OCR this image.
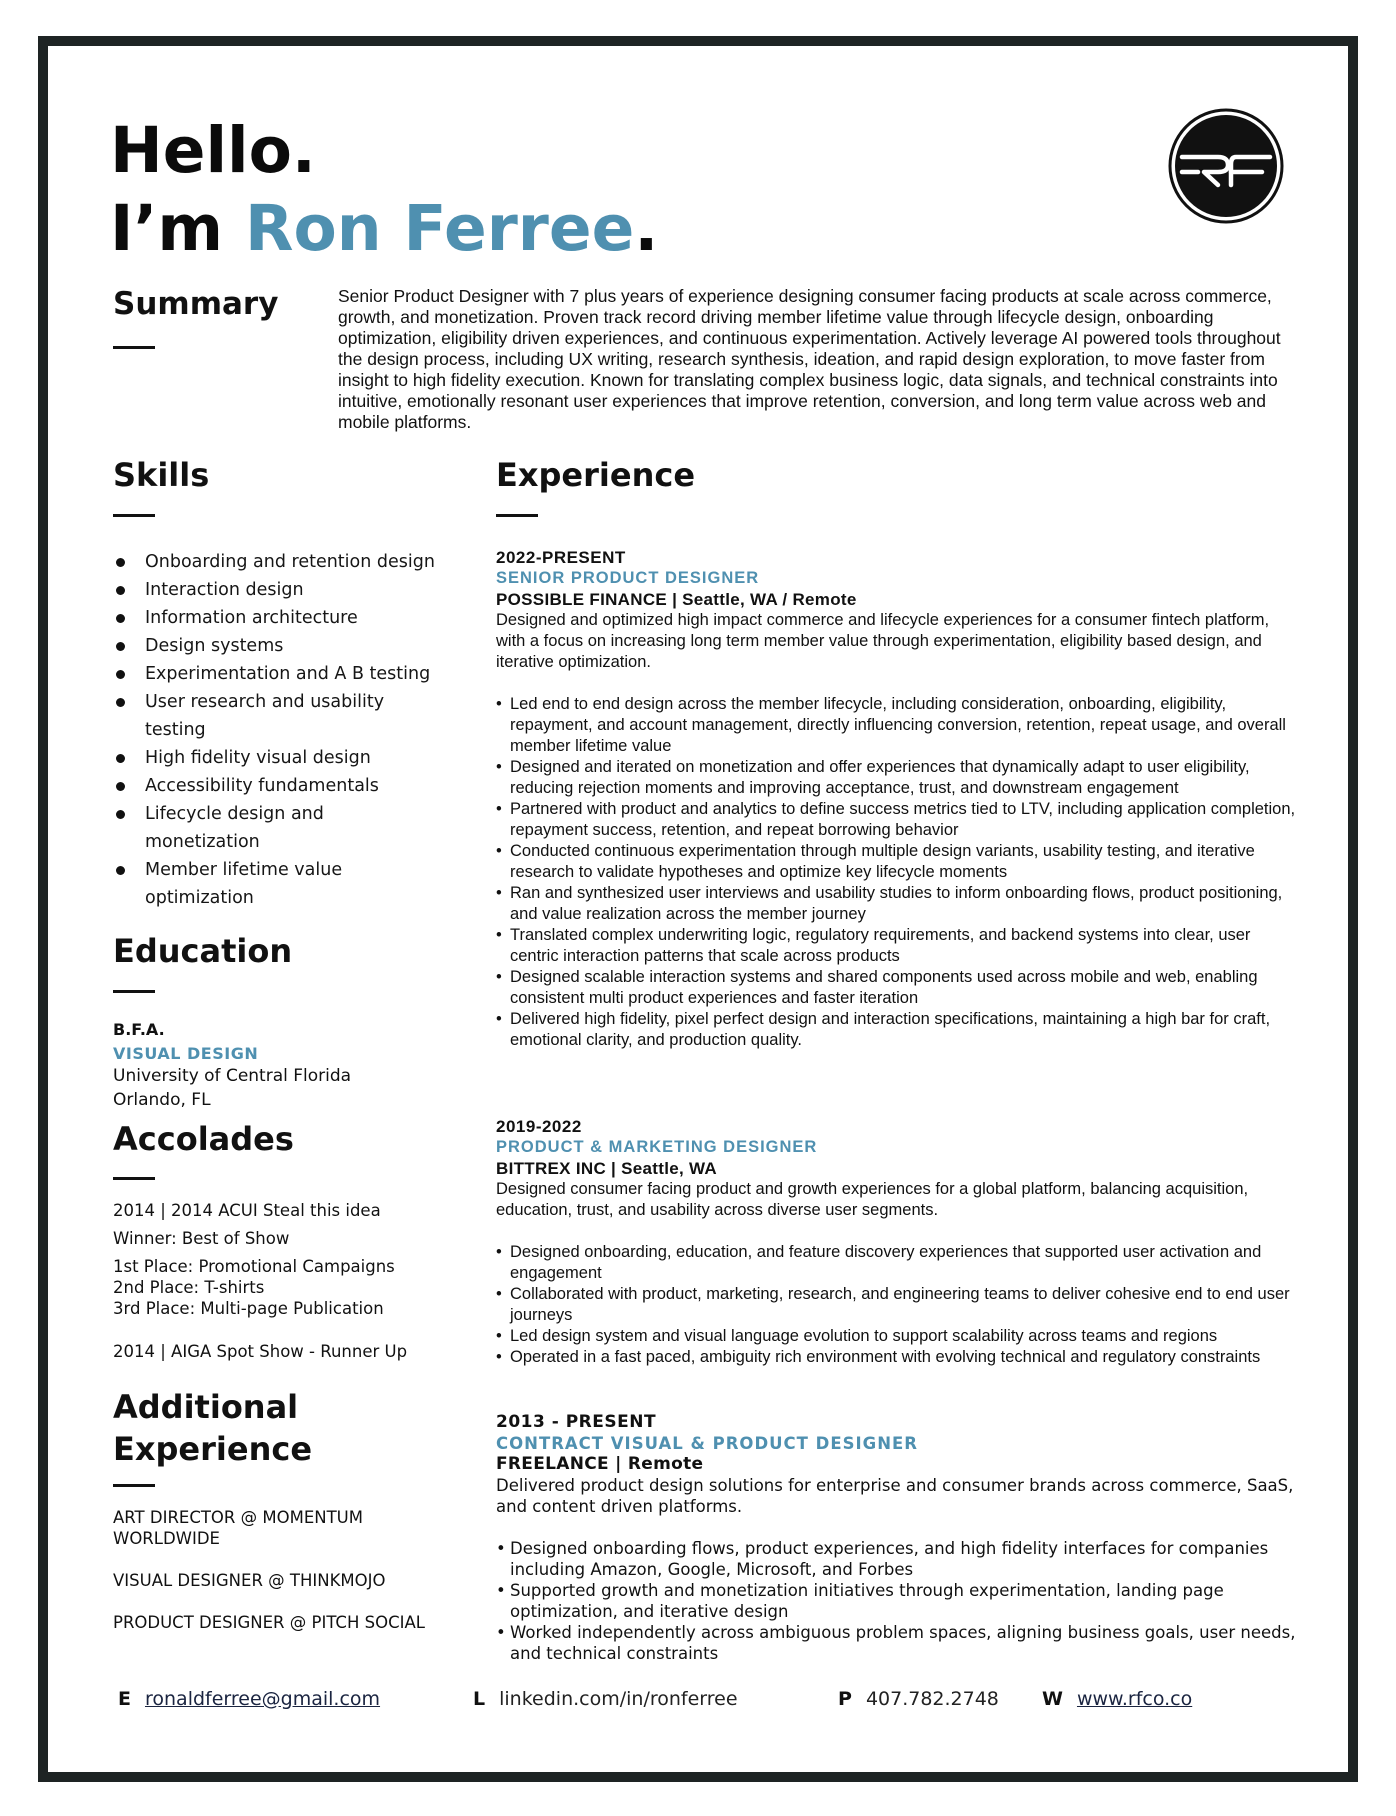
Hello.
I’m Ron Ferree.
Summary	Senior Product Designer with 7 plus years of experience designing consumer facing products at scale across commerce, growth, and monetization. Proven track record driving member lifetime value through lifecycle design, onboarding optimization, eligibility driven experiences, and continuous experimentation. Actively leverage AI powered tools throughout the design process, including UX writing, research synthesis, ideation, and rapid design exploration, to move faster from insight to high fidelity execution. Known for translating complex business logic, data signals, and technical constraints into intuitive, emotionally resonant user experiences that improve retention, conversion, and long term value across web and mobile platforms.
Skills
Onboarding and retention design
Interaction design
Information architecture
Design systems
Experimentation and A B testing
User research and usability testing
High fidelity visual design
Accessibility fundamentals
Lifecycle design and monetization
Member lifetime value optimization
Education
B.F.A.
VISUAL DESIGN
University of Central Florida
Orlando, FL
Accolades
2014 | 2014 ACUI Steal this idea
Winner: Best of Show
1st Place: Promotional Campaigns
2nd Place: T-shirts
3rd Place: Multi-page Publication
2014 | AIGA Spot Show - Runner Up
Additional
Experience
ART DIRECTOR @ MOMENTUM WORLDWIDE
VISUAL DESIGNER @ THINKMOJO
PRODUCT DESIGNER @ PITCH SOCIAL
Experience
2022-PRESENT
SENIOR PRODUCT DESIGNER
POSSIBLE FINANCE | Seattle, WA / Remote
Designed and optimized high impact commerce and lifecycle experiences for a consumer fintech platform, with a focus on increasing long term member value through experimentation, eligibility based design, and iterative optimization.
• Led end to end design across the member lifecycle, including consideration, onboarding, eligibility, repayment, and account management, directly influencing conversion, retention, repeat usage, and overall member lifetime value
• Designed and iterated on monetization and offer experiences that dynamically adapt to user eligibility, reducing rejection moments and improving acceptance, trust, and downstream engagement
• Partnered with product and analytics to define success metrics tied to LTV, including application completion, repayment success, retention, and repeat borrowing behavior
• Conducted continuous experimentation through multiple design variants, usability testing, and iterative research to validate hypotheses and optimize key lifecycle moments
• Ran and synthesized user interviews and usability studies to inform onboarding flows, product positioning, and value realization across the member journey
• Translated complex underwriting logic, regulatory requirements, and backend systems into clear, user centric interaction patterns that scale across products
• Designed scalable interaction systems and shared components used across mobile and web, enabling consistent multi product experiences and faster iteration
• Delivered high fidelity, pixel perfect design and interaction specifications, maintaining a high bar for craft, emotional clarity, and production quality.
2019-2022
PRODUCT & MARKETING DESIGNER
BITTREX INC | Seattle, WA
Designed consumer facing product and growth experiences for a global platform, balancing acquisition, education, trust, and usability across diverse user segments.
• Designed onboarding, education, and feature discovery experiences that supported user activation and engagement
• Collaborated with product, marketing, research, and engineering teams to deliver cohesive end to end user journeys
• Led design system and visual language evolution to support scalability across teams and regions
• Operated in a fast paced, ambiguity rich environment with evolving technical and regulatory constraints
2013 - PRESENT
CONTRACT VISUAL & PRODUCT DESIGNER
FREELANCE | Remote
Delivered product design solutions for enterprise and consumer brands across commerce, SaaS, and content driven platforms.
• Designed onboarding flows, product experiences, and high fidelity interfaces for companies including Amazon, Google, Microsoft, and Forbes
• Supported growth and monetization initiatives through experimentation, landing page optimization, and iterative design
• Worked independently across ambiguous problem spaces, aligning business goals, user needs, and technical constraints
E ronaldferree@gmail.com	L linkedin.com/in/ronferree	P 407.782.2748 W www.rfco.co
